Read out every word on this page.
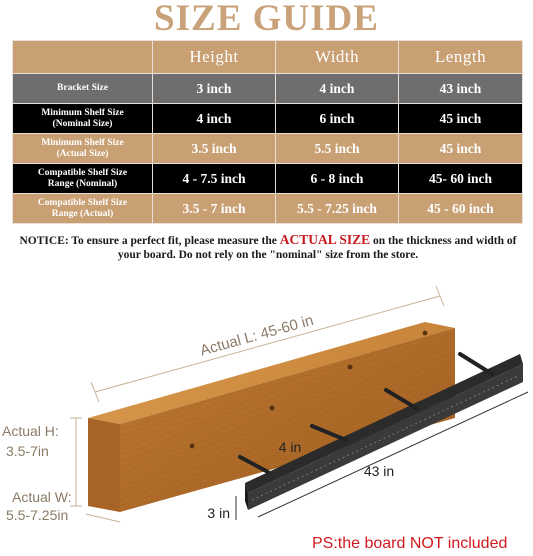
SIZE GUIDE
	Height	Width	Length
Bracket Size	3 inch	4 inch	43 inch
Minimum Shelf Size
(Nominal Size)	4 inch	6 inch	45 inch
Minimum Shelf Size
(Actual Size)	3.5 inch	5.5 inch	45 inch
Compatible Shelf Size
Range (Nominal)	4 - 7.5 inch	6 - 8 inch	45- 60 inch
Compatible Shelf Size
Range (Actual)	3.5 - 7 inch	5.5 - 7.25 inch	45 - 60 inch
NOTICE: To ensure a perfect fit, please measure the ACTUAL SIZE on the thickness and width of your board. Do not rely on the "nominal" size from the store.
Actual L: 45-60 in
Actual H:
3.5-7in
Actual W:
5.5-7.25in
4 in
43 in
3 in
PS:the board NOT included
